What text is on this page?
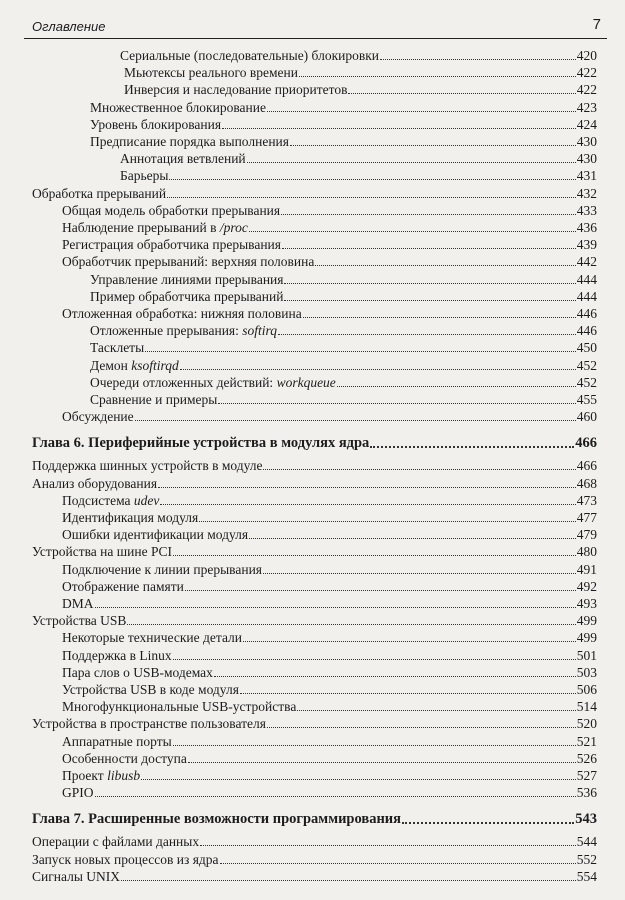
Оглавление	7
Сериальные (последовательные) блокировки	420
Мьютексы реального времени	422
Инверсия и наследование приоритетов	422
Множественное блокирование	423
Уровень блокирования	424
Предписание порядка выполнения	430
Аннотация ветвлений	430
Барьеры	431
Обработка прерываний	432
Общая модель обработки прерывания	433
Наблюдение прерываний в /proc	436
Регистрация обработчика прерывания	439
Обработчик прерываний: верхняя половина	442
Управление линиями прерывания	444
Пример обработчика прерываний	444
Отложенная обработка: нижняя половина	446
Отложенные прерывания: softirq	446
Тасклеты	450
Демон ksoftirqd	452
Очереди отложенных действий: workqueue	452
Сравнение и примеры	455
Обсуждение	460
Глава 6. Периферийные устройства в модулях ядра	466
Поддержка шинных устройств в модуле	466
Анализ оборудования	468
Подсистема udev	473
Идентификация модуля	477
Ошибки идентификации модуля	479
Устройства на шине PCI	480
Подключение к линии прерывания	491
Отображение памяти	492
DMA	493
Устройства USB	499
Некоторые технические детали	499
Поддержка в Linux	501
Пара слов о USB-модемах	503
Устройства USB в коде модуля	506
Многофункциональные USB-устройства	514
Устройства в пространстве пользователя	520
Аппаратные порты	521
Особенности доступа	526
Проект libusb	527
GPIO	536
Глава 7. Расширенные возможности программирования	543
Операции с файлами данных	544
Запуск новых процессов из ядра	552
Сигналы UNIX	554
